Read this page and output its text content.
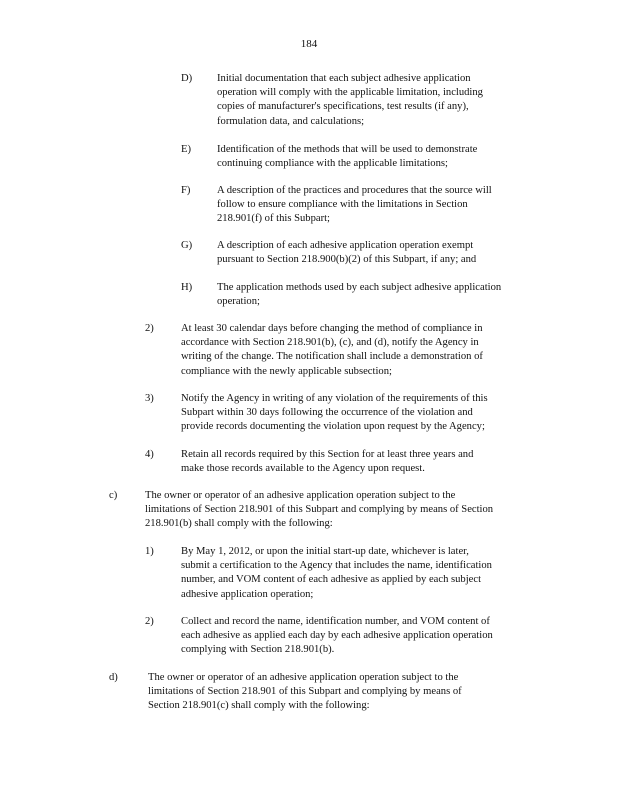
184
D) Initial documentation that each subject adhesive application
operation will comply with the applicable limitation, including
copies of manufacturer's specifications, test results (if any),
formulation data, and calculations;
E) Identification of the methods that will be used to demonstrate
continuing compliance with the applicable limitations;
F)	A description of the practices and procedures that the source will
follow to ensure compliance with the limitations in Section
218.901(f) of this Subpart;
G) A description of each adhesive application operation exempt
pursuant to Section 218.900(b)(2) of this Subpart, if any; and
H) The application methods used by each subject adhesive application
operation;
2)	At least 30 calendar days before changing the method of compliance in
accordance with Section 218.901(b), (c), and (d), notify the Agency in
writing of the change. The notification shall include a demonstration of
compliance with the newly applicable subsection;
3)	Notify the Agency in writing of any violation of the requirements of this
Subpart within 30 days following the occurrence of the violation and
provide records documenting the violation upon request by the Agency;
4)	Retain all records required by this Section for at least three years and
make those records available to the Agency upon request.
c)	The owner or operator of an adhesive application operation subject to the
limitations of Section 218.901 of this Subpart and complying by means of Section
218.901(b) shall comply with the following:
1)	By May 1, 2012, or upon the initial start-up date, whichever is later,
submit a certification to the Agency that includes the name, identification
number, and VOM content of each adhesive as applied by each subject
adhesive application operation;
2)	Collect and record the name, identification number, and VOM content of
each adhesive as applied each day by each adhesive application operation
complying with Section 218.901(b).
d)	The owner or operator of an adhesive application operation subject to the
limitations of Section 218.901 of this Subpart and complying by means of
Section 218.901(c) shall comply with the following:
